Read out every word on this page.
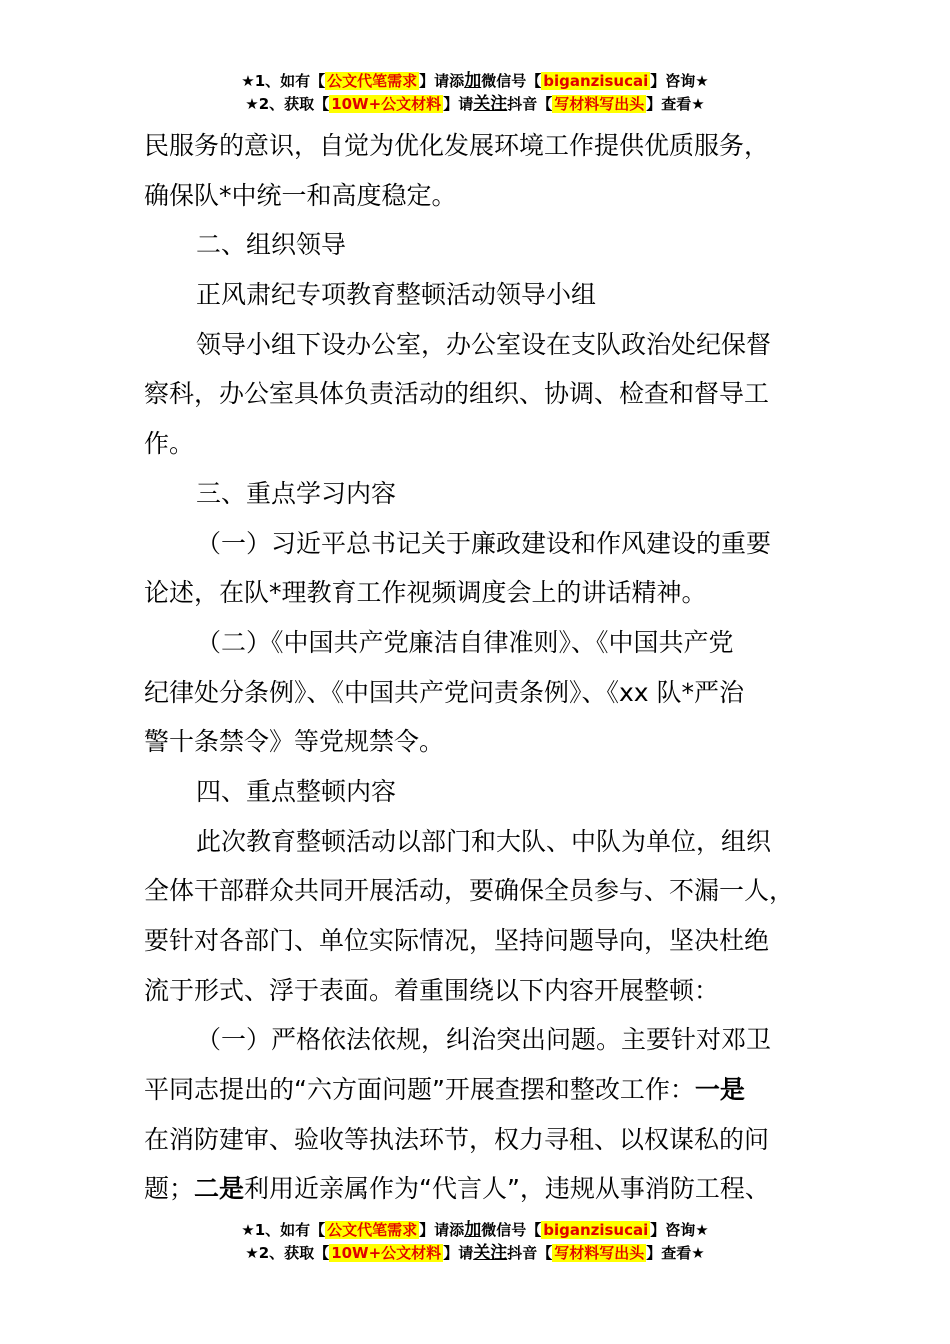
★1、如有【 公文代笔需求 】请添加微信号【 biganzisucai 】咨询★
★2、获取【 10W+公文材料 】请关注抖音【 写材料写出头 】查看★
民服务的意识，自觉为优化发展环境工作提供优质服务，
确保队*中统一和高度稳定。
二、组织领导
正风肃纪专项教育整顿活动领导小组
领导小组下设办公室，办公室设在支队政治处纪保督
察科，办公室具体负责活动的组织、协调、检查和督导工
作。
三、重点学习内容
（一）习近平总书记关于廉政建设和作风建设的重要
论述，在队*理教育工作视频调度会上的讲话精神。
（二）《中国共产党廉洁自律准则》、《中国共产党
纪律处分条例》、《中国共产党问责条例》、《xx 队*严治
警十条禁令》等党规禁令。
四、重点整顿内容
此次教育整顿活动以部门和大队、中队为单位，组织
全体干部群众共同开展活动，要确保全员参与、不漏一人，
要针对各部门、单位实际情况，坚持问题导向，坚决杜绝
流于形式、浮于表面。着重围绕以下内容开展整顿：
（一）严格依法依规，纠治突出问题。主要针对邓卫
平同志提出的“六方面问题”开展查摆和整改工作：一是
在消防建审、验收等执法环节，权力寻租、以权谋私的问
题；二是利用近亲属作为“代言人”，违规从事消防工程、
★1、如有【 公文代笔需求 】请添加微信号【 biganzisucai 】咨询★
★2、获取【 10W+公文材料 】请关注抖音【 写材料写出头 】查看★
